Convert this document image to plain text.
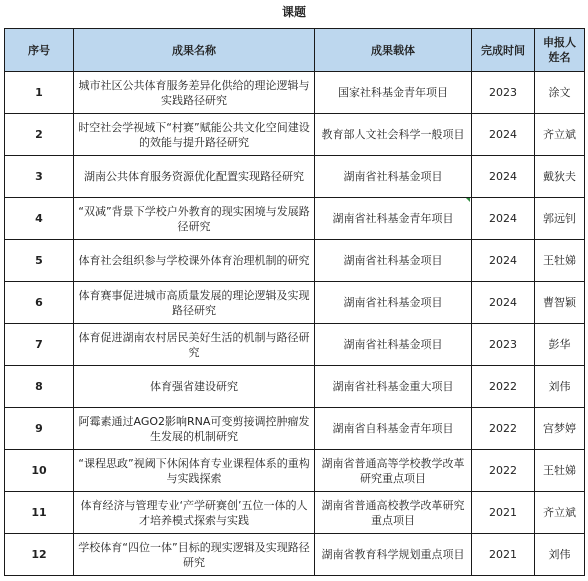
课题
序号	成果名称	成果载体	完成时间	申报人姓名
1	城市社区公共体育服务差异化供给的理论逻辑与实践路径研究	国家社科基金青年项目	2023	涂文
2	时空社会学视域下“村赛”赋能公共文化空间建设的效能与提升路径研究	教育部人文社会科学一般项目	2024	齐立斌
3	湖南公共体育服务资源优化配置实现路径研究	湖南省社科基金项目	2024	戴狄夫
4	“双减”背景下学校户外教育的现实困境与发展路径研究	湖南省社科基金青年项目	2024	郭远钊
5	体育社会组织参与学校课外体育治理机制的研究	湖南省社科基金项目	2024	王牡娣
6	体育赛事促进城市高质量发展的理论逻辑及实现路径研究	湖南省社科基金项目	2024	曹智颖
7	体育促进湖南农村居民美好生活的机制与路径研究	湖南省社科基金项目	2023	彭华
8	体育强省建设研究	湖南省社科基金重大项目	2022	刘伟
9	阿霉素通过AGO2影响RNA可变剪接调控肿瘤发生发展的机制研究	湖南省自科基金青年项目	2022	宫梦婷
10	“课程思政”视阈下休闲体育专业课程体系的重构与实践探索	湖南省普通高等学校教学改革研究重点项目	2022	王牡娣
11	体育经济与管理专业‘产学研赛创’五位一体的人才培养模式探索与实践	湖南省普通高校教学改革研究重点项目	2021	齐立斌
12	学校体育“四位一体”目标的现实逻辑及实现路径研究	湖南省教育科学规划重点项目	2021	刘伟
